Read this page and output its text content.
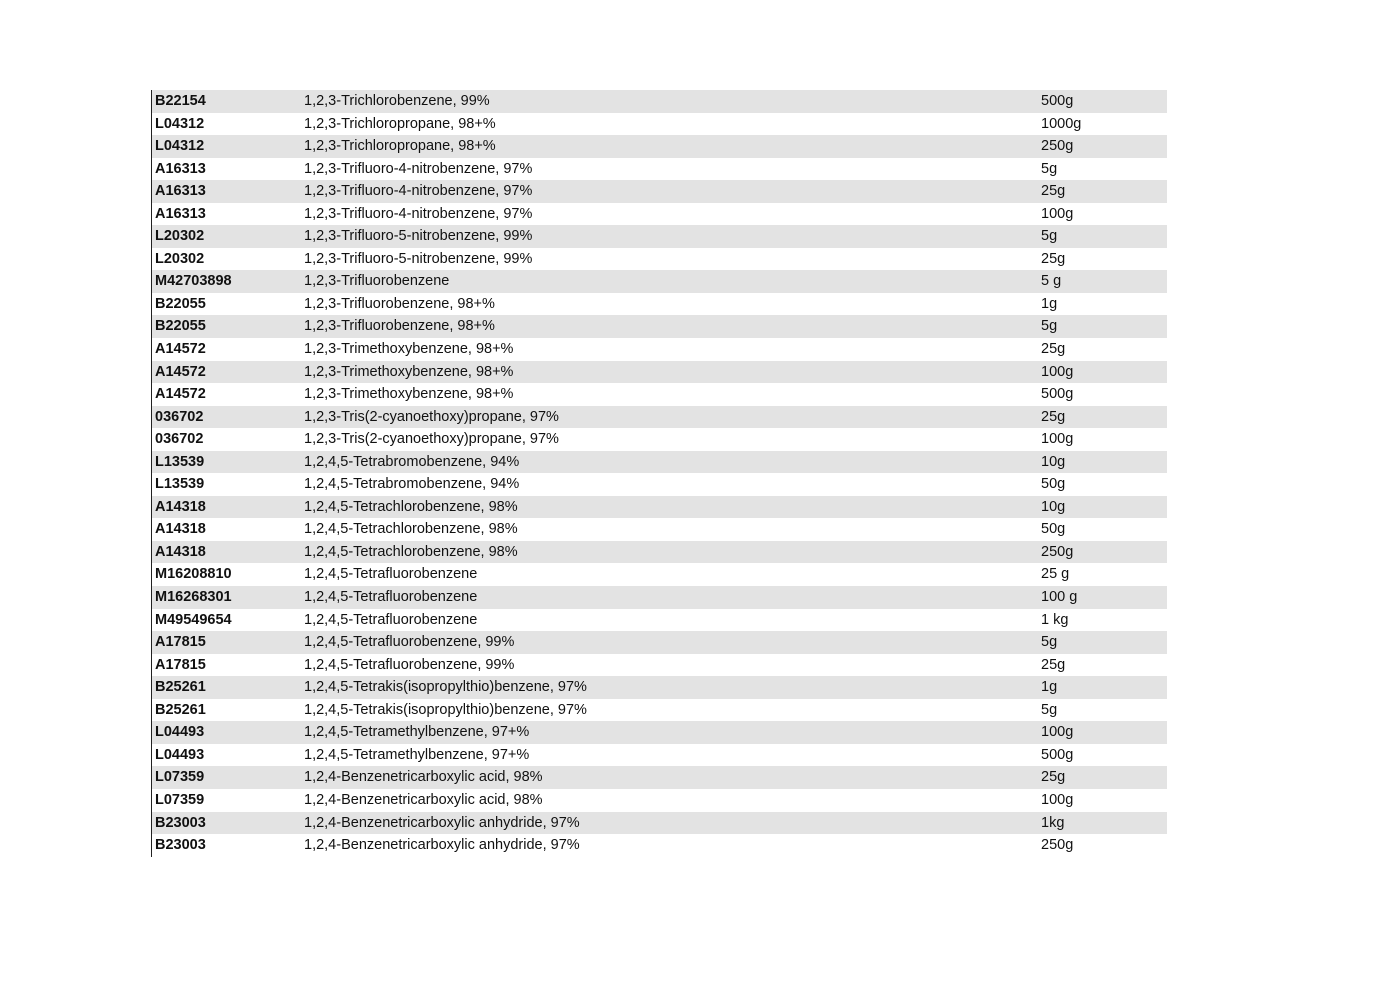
B22154	1,2,3-Trichlorobenzene, 99%	500g
L04312	1,2,3-Trichloropropane, 98+%	1000g
L04312	1,2,3-Trichloropropane, 98+%	250g
A16313	1,2,3-Trifluoro-4-nitrobenzene, 97%	5g
A16313	1,2,3-Trifluoro-4-nitrobenzene, 97%	25g
A16313	1,2,3-Trifluoro-4-nitrobenzene, 97%	100g
L20302	1,2,3-Trifluoro-5-nitrobenzene, 99%	5g
L20302	1,2,3-Trifluoro-5-nitrobenzene, 99%	25g
M42703898	1,2,3-Trifluorobenzene	5 g
B22055	1,2,3-Trifluorobenzene, 98+%	1g
B22055	1,2,3-Trifluorobenzene, 98+%	5g
A14572	1,2,3-Trimethoxybenzene, 98+%	25g
A14572	1,2,3-Trimethoxybenzene, 98+%	100g
A14572	1,2,3-Trimethoxybenzene, 98+%	500g
036702	1,2,3-Tris(2-cyanoethoxy)propane, 97%	25g
036702	1,2,3-Tris(2-cyanoethoxy)propane, 97%	100g
L13539	1,2,4,5-Tetrabromobenzene, 94%	10g
L13539	1,2,4,5-Tetrabromobenzene, 94%	50g
A14318	1,2,4,5-Tetrachlorobenzene, 98%	10g
A14318	1,2,4,5-Tetrachlorobenzene, 98%	50g
A14318	1,2,4,5-Tetrachlorobenzene, 98%	250g
M16208810	1,2,4,5-Tetrafluorobenzene	25 g
M16268301	1,2,4,5-Tetrafluorobenzene	100 g
M49549654	1,2,4,5-Tetrafluorobenzene	1 kg
A17815	1,2,4,5-Tetrafluorobenzene, 99%	5g
A17815	1,2,4,5-Tetrafluorobenzene, 99%	25g
B25261	1,2,4,5-Tetrakis(isopropylthio)benzene, 97%	1g
B25261	1,2,4,5-Tetrakis(isopropylthio)benzene, 97%	5g
L04493	1,2,4,5-Tetramethylbenzene, 97+%	100g
L04493	1,2,4,5-Tetramethylbenzene, 97+%	500g
L07359	1,2,4-Benzenetricarboxylic acid, 98%	25g
L07359	1,2,4-Benzenetricarboxylic acid, 98%	100g
B23003	1,2,4-Benzenetricarboxylic anhydride, 97%	1kg
B23003	1,2,4-Benzenetricarboxylic anhydride, 97%	250g
